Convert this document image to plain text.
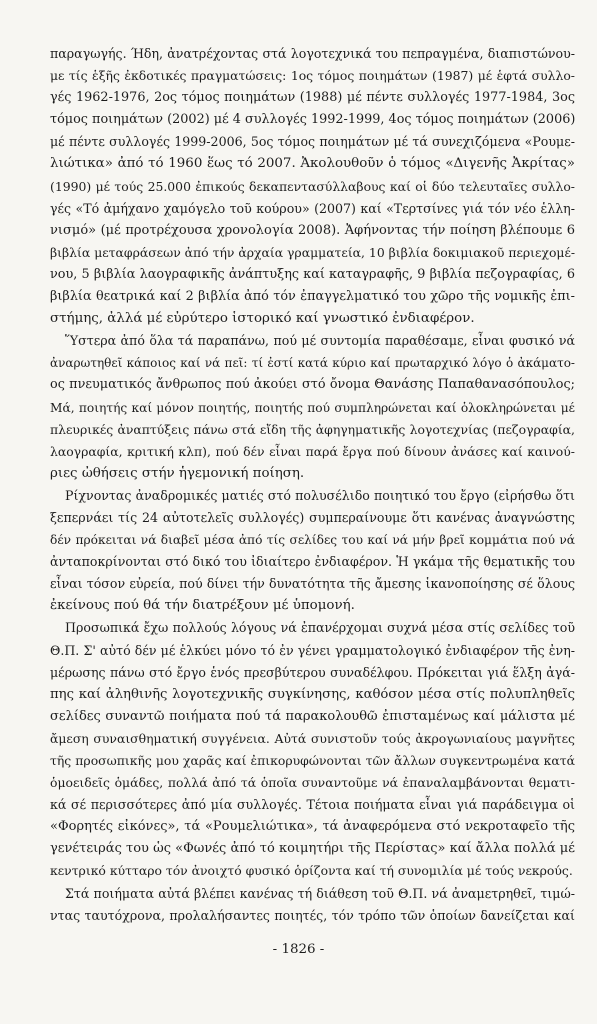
παραγωγής. Ήδη, ἀνατρέχοντας στά λογοτεχνικά του πεπραγμένα, διαπιστώνου-
με τίς ἑξῆς ἐκδοτικές πραγματώσεις: 1ος τόμος ποιημάτων (1987) μέ ἑφτά συλλο-
γές 1962-1976, 2ος τόμος ποιημάτων (1988) μέ πέντε συλλογές 1977-1984, 3ος
τόμος ποιημάτων (2002) μέ 4 συλλογές 1992-1999, 4ος τόμος ποιημάτων (2006)
μέ πέντε συλλογές 1999-2006, 5ος τόμος ποιημάτων μέ τά συνεχιζόμενα «Ρουμε-
λιώτικα» ἀπό τό 1960 ἕως τό 2007. Ἀκολουθοῦν ὁ τόμος «Διγενῆς Ἀκρίτας»
(1990) μέ τούς 25.000 ἐπικούς δεκαπεντασύλλαβους καί οἱ δύο τελευταῖες συλλο-
γές «Τό ἀμήχανο χαμόγελο τοῦ κούρου» (2007) καί «Τερτσίνες γιά τόν νέο ἑλλη-
νισμό» (μέ προτρέχουσα χρονολογία 2008). Ἀφήνοντας τήν ποίηση βλέπουμε 6
βιβλία μεταφράσεων ἀπό τήν ἀρχαία γραμματεία, 10 βιβλία δοκιμιακοῦ περιεχομέ-
νου, 5 βιβλία λαογραφικῆς ἀνάπτυξης καί καταγραφῆς, 9 βιβλία πεζογραφίας, 6
βιβλία θεατρικά καί 2 βιβλία ἀπό τόν ἐπαγγελματικό του χῶρο τῆς νομικῆς ἐπι-
στήμης, ἀλλά μέ εὐρύτερο ἱστορικό καί γνωστικό ἐνδιαφέρον.
Ὕστερα ἀπό ὅλα τά παραπάνω, πού μέ συντομία παραθέσαμε, εἶναι φυσικό νά
ἀναρωτηθεῖ κάποιος καί νά πεῖ: τί ἐστί κατά κύριο καί πρωταρχικό λόγο ὁ ἀκάματο-
ος πνευματικός ἄνθρωπος πού ἀκούει στό ὄνομα Θανάσης Παπαθανασόπουλος;
Μά, ποιητής καί μόνον ποιητής, ποιητής πού συμπληρώνεται καί ὁλοκληρώνεται μέ
πλευρικές ἀναπτύξεις πάνω στά εἴδη τῆς ἀφηγηματικῆς λογοτεχνίας (πεζογραφία,
λαογραφία, κριτική κλπ), πού δέν εἶναι παρά ἔργα πού δίνουν ἀνάσες καί καινού-
ριες ὠθήσεις στήν ἡγεμονική ποίηση.
Ρίχνοντας ἀναδρομικές ματιές στό πολυσέλιδο ποιητικό του ἔργο (εἰρήσθω ὅτι
ξεπερνάει τίς 24 αὐτοτελεῖς συλλογές) συμπεραίνουμε ὅτι κανένας ἀναγνώστης
δέν πρόκειται νά διαβεῖ μέσα ἀπό τίς σελίδες του καί νά μήν βρεῖ κομμάτια πού νά
ἀνταποκρίνονται στό δικό του ἰδιαίτερο ἐνδιαφέρον. Ἡ γκάμα τῆς θεματικῆς του
εἶναι τόσον εὐρεία, πού δίνει τήν δυνατότητα τῆς ἄμεσης ἱκανοποίησης σέ ὅλους
ἐκείνους πού θά τήν διατρέξουν μέ ὑπομονή.
Προσωπικά ἔχω πολλούς λόγους νά ἐπανέρχομαι συχνά μέσα στίς σελίδες τοῦ
Θ.Π. Σ' αὐτό δέν μέ ἑλκύει μόνο τό ἐν γένει γραμματολογικό ἐνδιαφέρον τῆς ἐνη-
μέρωσης πάνω στό ἔργο ἑνός πρεσβύτερου συναδέλφου. Πρόκειται γιά ἕλξη ἀγά-
πης καί ἀληθινῆς λογοτεχνικῆς συγκίνησης, καθόσον μέσα στίς πολυπληθεῖς
σελίδες συναντῶ ποιήματα πού τά παρακολουθῶ ἐπισταμένως καί μάλιστα μέ
ἄμεση συναισθηματική συγγένεια. Αὐτά συνιστοῦν τούς ἀκρογωνιαίους μαγνῆτες
τῆς προσωπικῆς μου χαρᾶς καί ἐπικορυφώνονται τῶν ἄλλων συγκεντρωμένα κατά
ὁμοειδεῖς ὁμάδες, πολλά ἀπό τά ὁποῖα συναντοῦμε νά ἐπαναλαμβάνονται θεματι-
κά σέ περισσότερες ἀπό μία συλλογές. Τέτοια ποιήματα εἶναι γιά παράδειγμα οἱ
«Φορητές εἰκόνες», τά «Ρουμελιώτικα», τά ἀναφερόμενα στό νεκροταφεῖο τῆς
γενέτειράς του ὡς «Φωνές ἀπό τό κοιμητήρι τῆς Περίστας» καί ἄλλα πολλά μέ
κεντρικό κύτταρο τόν ἀνοιχτό φυσικό ὁρίζοντα καί τή συνομιλία μέ τούς νεκρούς.
Στά ποιήματα αὐτά βλέπει κανένας τή διάθεση τοῦ Θ.Π. νά ἀναμετρηθεῖ, τιμώ-
ντας ταυτόχρονα, προλαλήσαντες ποιητές, τόν τρόπο τῶν ὁποίων δανείζεται καί
- 1826 -
